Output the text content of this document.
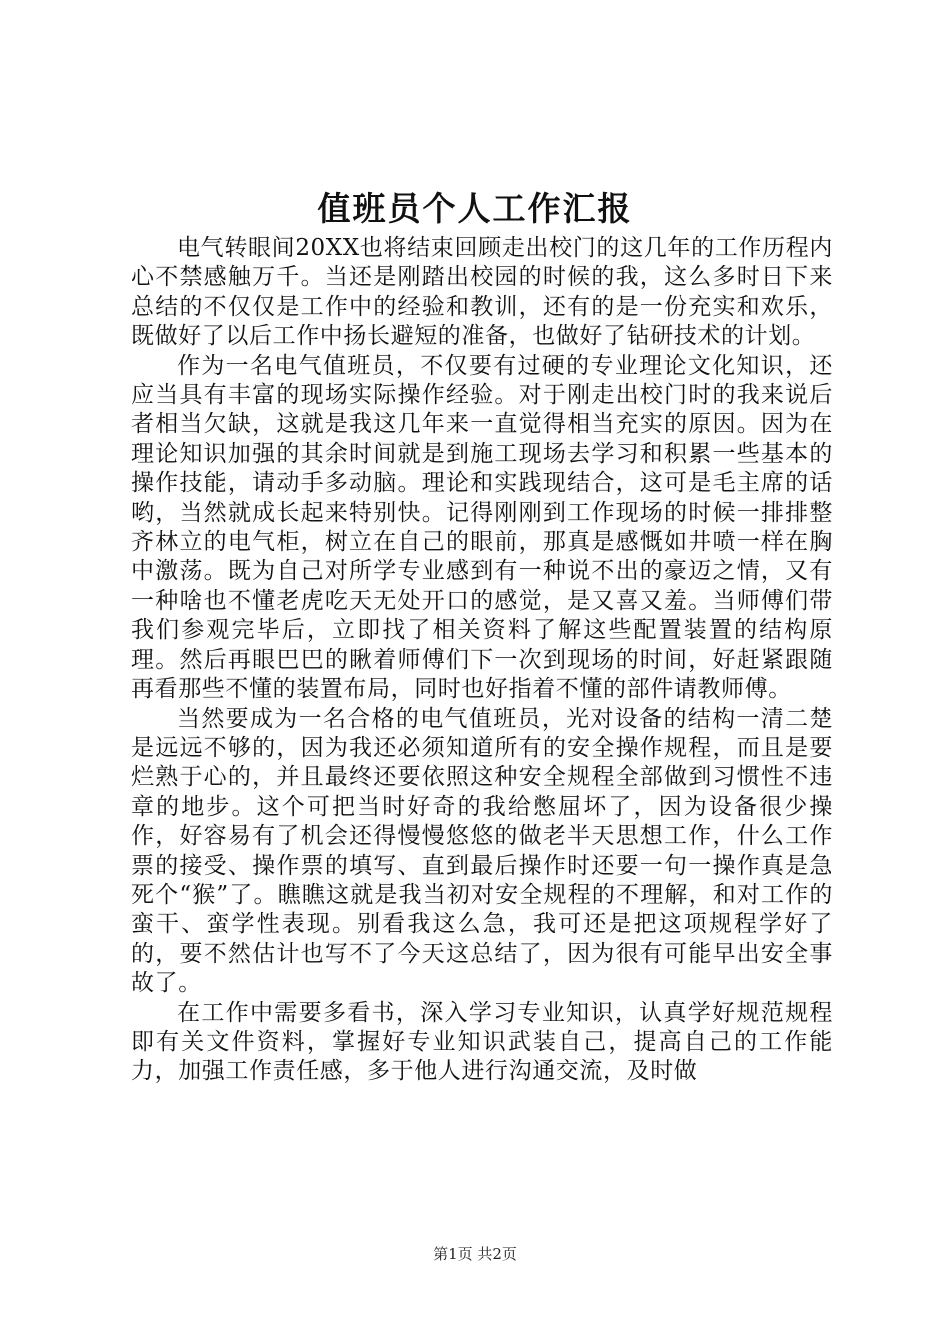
值班员个人工作汇报

电气转眼间20XX也将结束回顾走出校门的这几年的工作历程内心不禁感触万千。当还是刚踏出校园的时候的我，这么多时日下来总结的不仅仅是工作中的经验和教训，还有的是一份充实和欢乐，既做好了以后工作中扬长避短的准备，也做好了钻研技术的计划。

作为一名电气值班员，不仅要有过硬的专业理论文化知识，还应当具有丰富的现场实际操作经验。对于刚走出校门时的我来说后者相当欠缺，这就是我这几年来一直觉得相当充实的原因。因为在理论知识加强的其余时间就是到施工现场去学习和积累一些基本的操作技能，请动手多动脑。理论和实践现结合，这可是毛主席的话哟，当然就成长起来特别快。记得刚刚到工作现场的时候一排排整齐林立的电气柜，树立在自己的眼前，那真是感慨如井喷一样在胸中激荡。既为自己对所学专业感到有一种说不出的豪迈之情，又有一种啥也不懂老虎吃天无处开口的感觉，是又喜又羞。当师傅们带我们参观完毕后，立即找了相关资料了解这些配置装置的结构原理。然后再眼巴巴的瞅着师傅们下一次到现场的时间，好赶紧跟随再看那些不懂的装置布局，同时也好指着不懂的部件请教师傅。

当然要成为一名合格的电气值班员，光对设备的结构一清二楚是远远不够的，因为我还必须知道所有的安全操作规程，而且是要烂熟于心的，并且最终还要依照这种安全规程全部做到习惯性不违章的地步。这个可把当时好奇的我给憋屈坏了，因为设备很少操作，好容易有了机会还得慢慢悠悠的做老半天思想工作，什么工作票的接受、操作票的填写、直到最后操作时还要一句一操作真是急死个“猴”了。瞧瞧这就是我当初对安全规程的不理解，和对工作的蛮干、蛮学性表现。别看我这么急，我可还是把这项规程学好了的，要不然估计也写不了今天这总结了，因为很有可能早出安全事故了。

在工作中需要多看书，深入学习专业知识，认真学好规范规程即有关文件资料，掌握好专业知识武装自己，提高自己的工作能力，加强工作责任感，多于他人进行沟通交流，及时做

第1页 共2页
